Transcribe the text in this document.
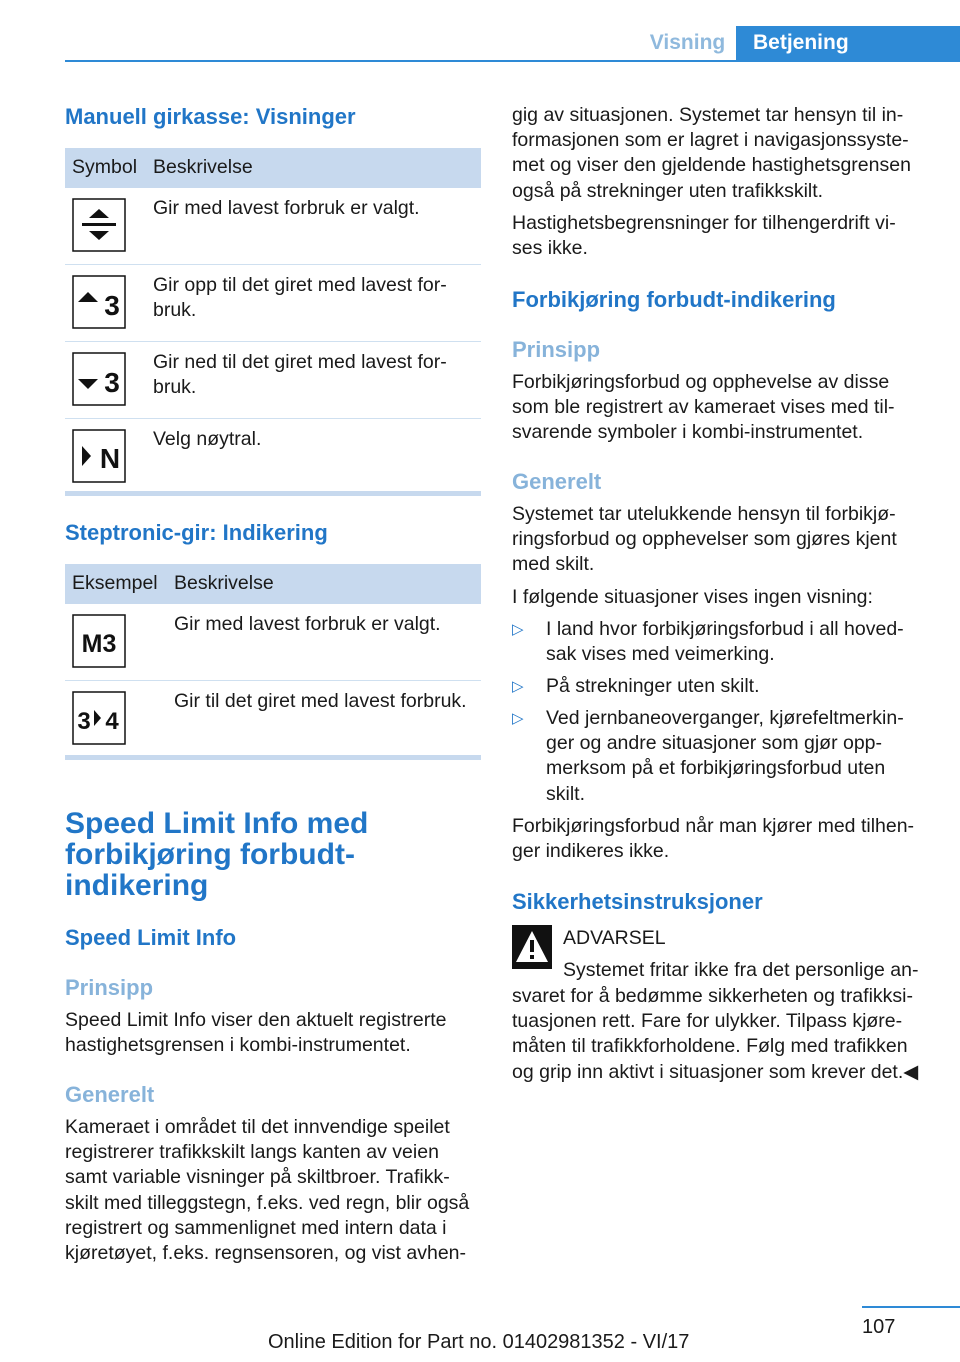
Visning	Betjening
Manuell girkasse: Visninger
Symbol Beskrivelse
Gir med lavest forbruk er valgt.
3
Gir opp til det giret med lavest for-
bruk.
3
Gir ned til det giret med lavest for-
bruk.
N
Velg nøytral.
Steptronic-gir: Indikering
Eksempel Beskrivelse
M3
Gir med lavest forbruk er valgt.
3 4
Gir til det giret med lavest forbruk.
Speed Limit Info med
forbikjøring forbudt-
indikering
Speed Limit Info
Prinsipp
Speed Limit Info viser den aktuelt registrerte
hastighetsgrensen i kombi-instrumentet.
Generelt
Kameraet i området til det innvendige speilet
registrerer trafikkskilt langs kanten av veien
samt variable visninger på skiltbroer. Trafikk-
skilt med tilleggstegn, f.eks. ved regn, blir også
registrert og sammenlignet med intern data i
kjøretøyet, f.eks. regnsensoren, og vist avhen-
gig av situasjonen. Systemet tar hensyn til in-
formasjonen som er lagret i navigasjonssyste-
met og viser den gjeldende hastighetsgrensen
også på strekninger uten trafikkskilt.
Hastighetsbegrensninger for tilhengerdrift vi-
ses ikke.
Forbikjøring forbudt-indikering
Prinsipp
Forbikjøringsforbud og opphevelse av disse
som ble registrert av kameraet vises med til-
svarende symboler i kombi-instrumentet.
Generelt
Systemet tar utelukkende hensyn til forbikjø-
ringsforbud og opphevelser som gjøres kjent
med skilt.
I følgende situasjoner vises ingen visning:
▷ I land hvor forbikjøringsforbud i all hoved-
sak vises med veimerking.
▷ På strekninger uten skilt.
▷ Ved jernbaneoverganger, kjørefeltmerkin-
ger og andre situasjoner som gjør opp-
merksom på et forbikjøringsforbud uten
skilt.
Forbikjøringsforbud når man kjører med tilhen-
ger indikeres ikke.
Sikkerhetsinstruksjoner
ADVARSEL
Systemet fritar ikke fra det personlige an-
svaret for å bedømme sikkerheten og trafikksi-
tuasjonen rett. Fare for ulykker. Tilpass kjøre-
måten til trafikkforholdene. Følg med trafikken
og grip inn aktivt i situasjoner som krever det.◀
107
Online Edition for Part no. 01402981352 - VI/17
